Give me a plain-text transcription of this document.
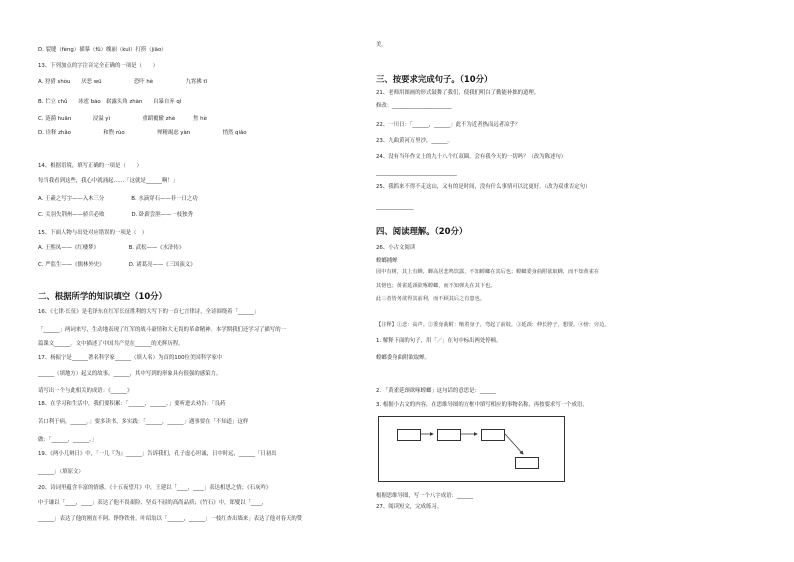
D. 裂缝（fèng）描摹（fǔ）魄丽（kuī）打捞（jiāo）
13、下列加点的字注音完全正确的一项是（　　）
A. 狩猎 shòu　　厌恶 wū　　　　　　恐吓 hè　　　　　　九霄拂 tī
B. 伫立 chǔ　　冰雹 báo　崭露头角 zhàn　　自暴自弃 qì
C. 涟漪 huān　　　　浸溢 yì　　　　　　重蹈覆辙 zhé　　　 焦 hè
D. 诠释 zhǎo　　　　　　和煦 rùo　　　　　　殚精竭虑 yàn　　　　　　悄然 qiǎo
14、根据语境，填写正确的一项是（　　）
每当我看到这些，我心中就涌起……「这就是______啊！」
A. 王羲之写字——入木三分　　　　　B. 水滴穿石——非一日之功
C. 关羽失荆州——骄兵必败　　　　　D. 卧薪尝胆——一枝独秀
15、下面人物与出处对应错误的一项是（　）
A. 王熙凤——《红楼梦》　　　　　　B. 武松——《水浒传》
C. 严监生——《儒林外史》　　　　　D. 诸葛亮——《三国演义》
二、根据所学的知识填空（10分）
16、《七律·长征》是毛泽东在红军长征胜利的大写下的一首七言律诗，全诗围绕着「______」
「______」两词来写，生动地表现了红军的战斗豪情和大无畏的革命精神。本学期我们还学习了描写的一
篇课文______。文中描述了中国共产党在______的光辉历程。
17、杨振宁是______著名科学家______（填人名）为首的100位美国科学家中
______（填地方）起义的故事。______，其中写到的形象具有很强的感染力。
请写出一个与此相关的成语：《______》
18、在学习和生活中，我们要积累：「______，______。」要听进去劝告：「良药
苦口利于病，______。」要多读书，多实践：「______，______」遇事要在「不知道」这样
做：「______，______。」
19、《两小儿辩日》中，「一儿『为』______」告诉我们，孔子虚心坦诚，日中时远，______「日初出
______」（填原文）
20、诗词里蕴含丰富的情感。《十五夜望月》中，王建以「____，____」表达相思之情；《石灰吟》
中于谦以「____，____」表达了他不畏艰险、坚贞不屈的高尚品质；《竹石》中，郑燮以「____，
______」表达了他的刚直不阿、铮铮铁骨。叶绍翁以「______，______」一枝红杏出墙来」表达了他对春天的赞
美。
三、按要求完成句子。（10分）
21、老师用图画的形式鼓舞了我们，使我们明白了勤能补拙的道理。
修改：______________________
22、一川日：「______，______」此不为近者热而远者凉乎？
23、九曲黄河万里沙，______。
24、没有当年作文上的九十八个红双圈，会有我今天的一切吗？（改为陈述句）
______________________________
25、我抓来不得不走这山，又有的是时间，没有什么事情可以比更好。（改为双重否定句）
______________
四、阅读理解。（20分）
26、小古文阅读
螳螂捕蝉
园中有树，其上有蝉，蝉高居悲鸣饮露，不知螳螂在其后也；螳螂委身曲附欲取蝉，而不知黄雀在
其傍也；黄雀延颈欲啄螳螂，而不知弹丸在其下也。
此三者皆务欲得其前利，而不顾其后之有患也。
【注释】①悲：高声。②委身曲附：缩着身子，弯起了前肢。③延颈：伸长脖子，想要。④傍：旁边。
1. 解释下面的句子，用「／」在句中标出两处停顿。
螳螂委身曲附欲取蝉。
2. 「黄雀延颈欲啄螳螂」这句话的意思是：______
3. 根据小古文的内容，在思维导图的方框中填写相应的事物名称，再按要求写一个成语。
根据思维导图，写一个八字成语：______
27、阅读短文，完成练习。
